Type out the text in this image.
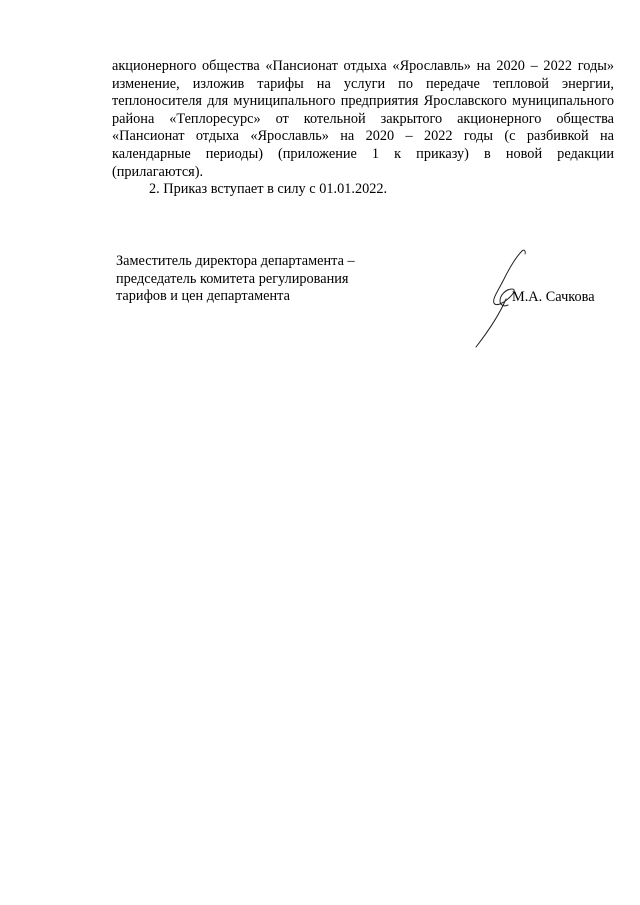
акционерного общества «Пансионат отдыха «Ярославль» на 2020 – 2022 годы» изменение, изложив тарифы на услуги по передаче тепловой энергии, теплоносителя для муниципального предприятия Ярославского муниципального района «Теплоресурс» от котельной закрытого акционерного общества «Пансионат отдыха «Ярославль» на 2020 – 2022 годы (с разбивкой на календарные периоды) (приложение 1 к приказу) в новой редакции (прилагаются).

2. Приказ вступает в силу с 01.01.2022.

Заместитель директора департамента –
председатель комитета регулирования
тарифов и цен департамента	М.А. Сачкова
